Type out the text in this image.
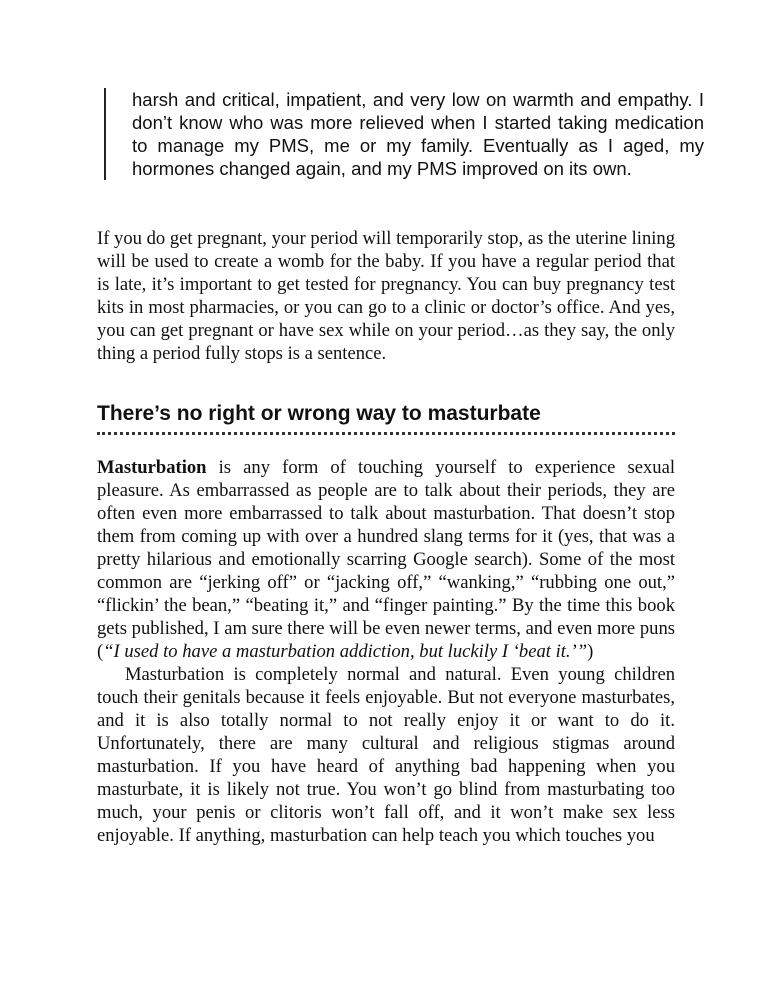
harsh and critical, impatient, and very low on warmth and empathy. I don’t know who was more relieved when I started taking medication to manage my PMS, me or my family. Eventually as I aged, my hormones changed again, and my PMS improved on its own.

If you do get pregnant, your period will temporarily stop, as the uterine lining will be used to create a womb for the baby. If you have a regular period that is late, it’s important to get tested for pregnancy. You can buy pregnancy test kits in most pharmacies, or you can go to a clinic or doctor’s office. And yes, you can get pregnant or have sex while on your period…as they say, the only thing a period fully stops is a sentence.

There’s no right or wrong way to masturbate

Masturbation is any form of touching yourself to experience sexual pleasure. As embarrassed as people are to talk about their periods, they are often even more embarrassed to talk about masturbation. That doesn’t stop them from coming up with over a hundred slang terms for it (yes, that was a pretty hilarious and emotionally scarring Google search). Some of the most common are “jerking off” or “jacking off,” “wanking,” “rubbing one out,” “flickin’ the bean,” “beating it,” and “finger painting.” By the time this book gets published, I am sure there will be even newer terms, and even more puns (“I used to have a masturbation addiction, but luckily I ‘beat it.’”)

Masturbation is completely normal and natural. Even young children touch their genitals because it feels enjoyable. But not everyone masturbates, and it is also totally normal to not really enjoy it or want to do it. Unfortunately, there are many cultural and religious stigmas around masturbation. If you have heard of anything bad happening when you masturbate, it is likely not true. You won’t go blind from masturbating too much, your penis or clitoris won’t fall off, and it won’t make sex less enjoyable. If anything, masturbation can help teach you which touches you
